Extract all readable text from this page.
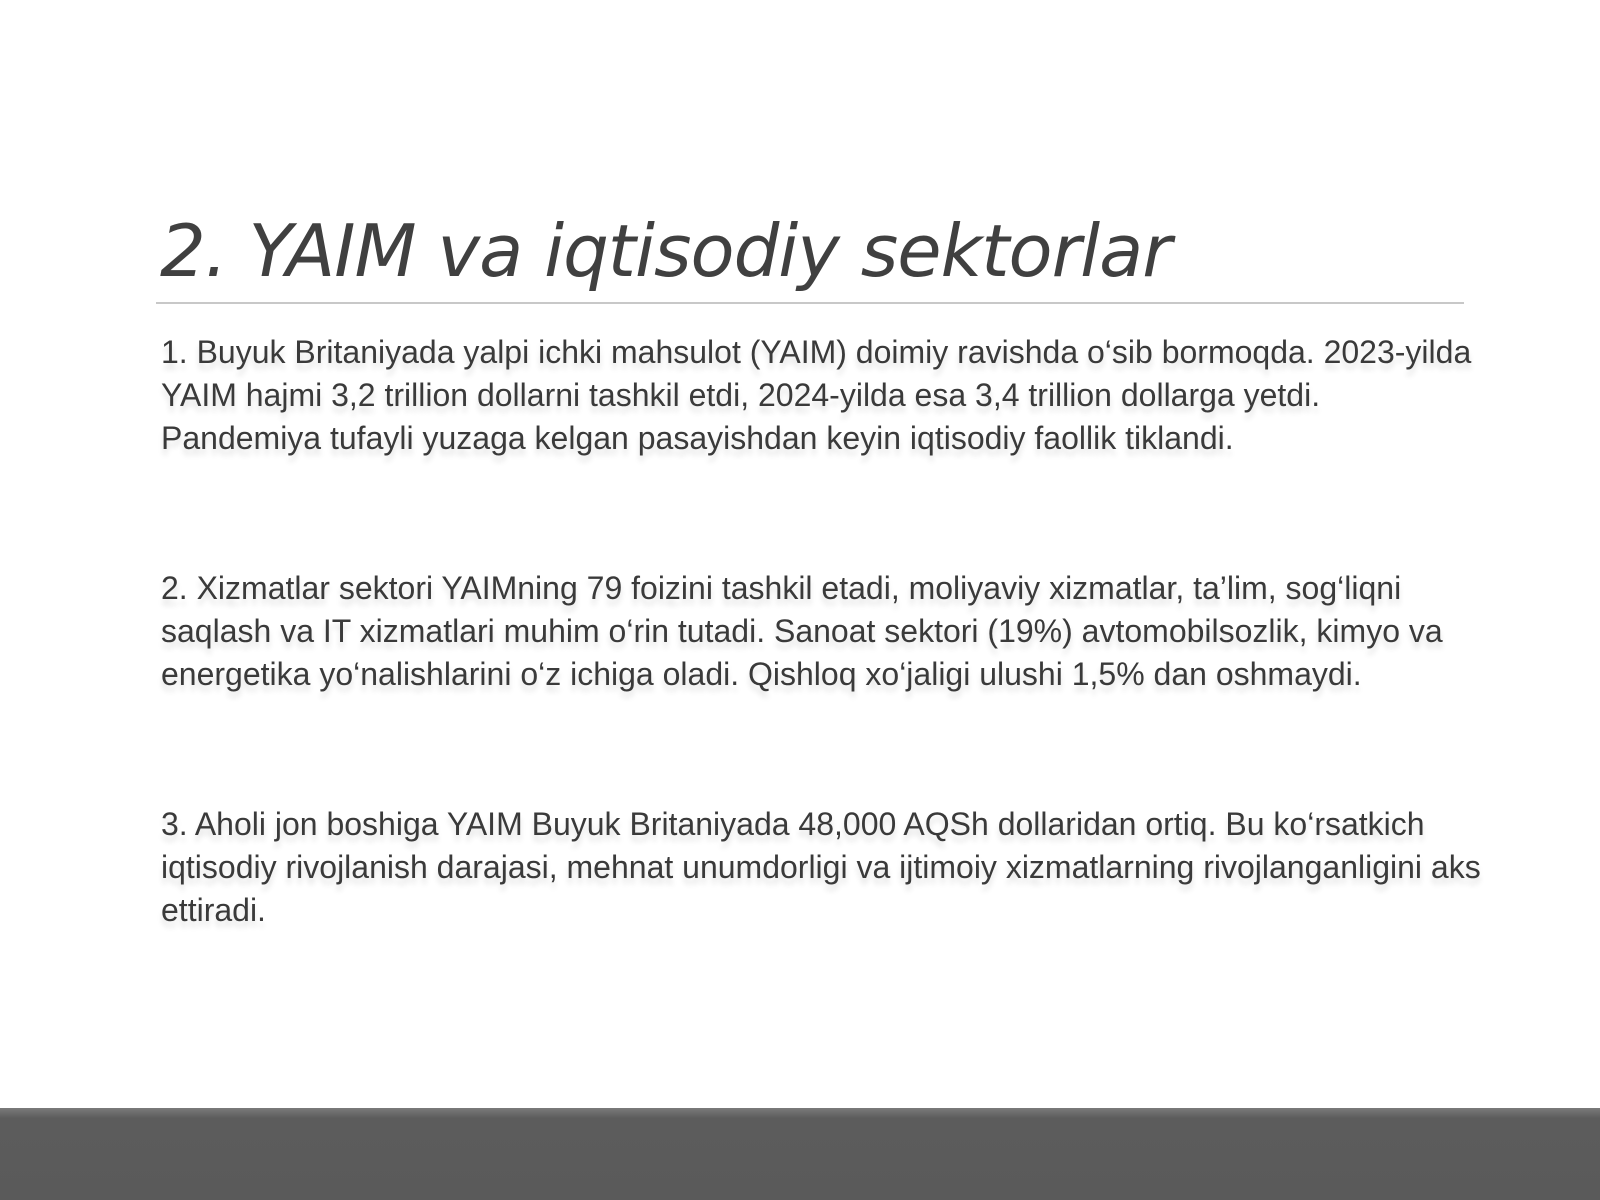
2. YAIM va iqtisodiy sektorlar

1. Buyuk Britaniyada yalpi ichki mahsulot (YAIM) doimiy ravishda o‘sib bormoqda. 2023-yilda YAIM hajmi 3,2 trillion dollarni tashkil etdi, 2024-yilda esa 3,4 trillion dollarga yetdi. Pandemiya tufayli yuzaga kelgan pasayishdan keyin iqtisodiy faollik tiklandi.

2. Xizmatlar sektori YAIMning 79 foizini tashkil etadi, moliyaviy xizmatlar, ta’lim, sog‘liqni saqlash va IT xizmatlari muhim o‘rin tutadi. Sanoat sektori (19%) avtomobilsozlik, kimyo va energetika yo‘nalishlarini o‘z ichiga oladi. Qishloq xo‘jaligi ulushi 1,5% dan oshmaydi.

3. Aholi jon boshiga YAIM Buyuk Britaniyada 48,000 AQSh dollaridan ortiq. Bu ko‘rsatkich iqtisodiy rivojlanish darajasi, mehnat unumdorligi va ijtimoiy xizmatlarning rivojlanganligini aks ettiradi.
